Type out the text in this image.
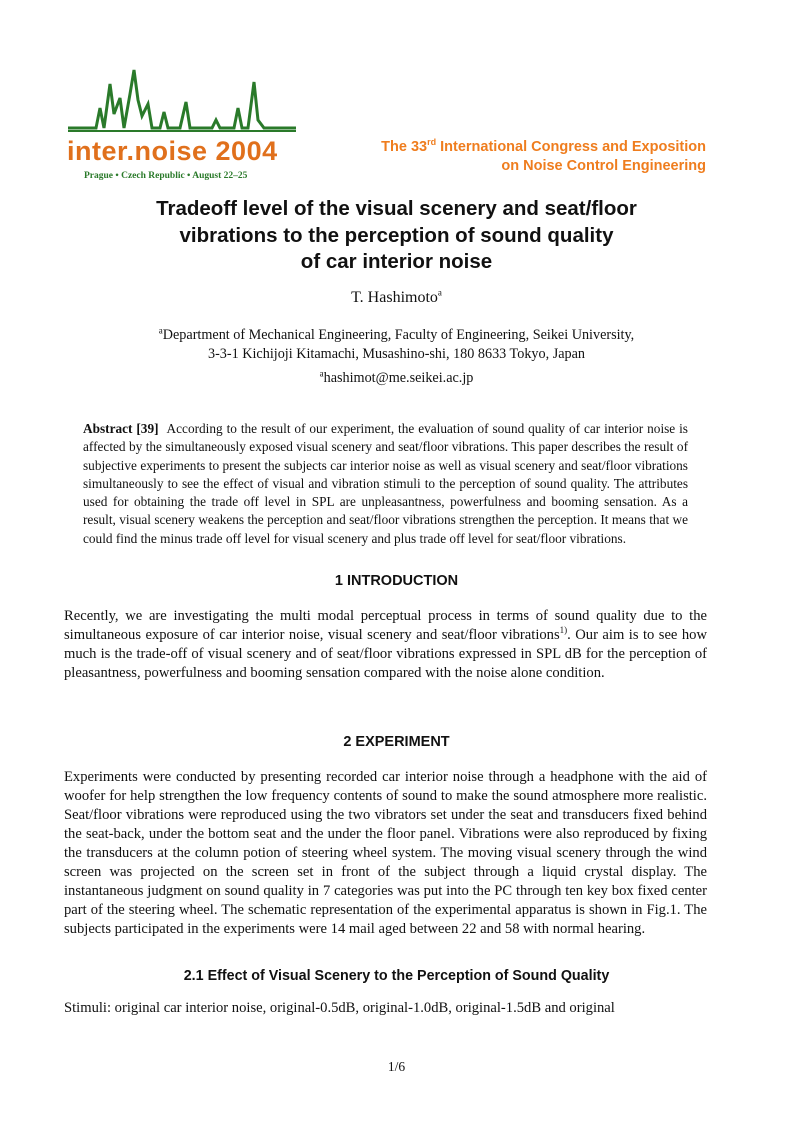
inter.noise 2004
Prague • Czech Republic • August 22–25
The 33rd International Congress and Exposition
on Noise Control Engineering
Tradeoff level of the visual scenery and seat/floor
vibrations to the perception of sound quality
of car interior noise
T. Hashimoto$^a$
$^a$Department of Mechanical Engineering, Faculty of Engineering, Seikei University,
3-3-1 Kichijoji Kitamachi, Musashino-shi, 180 8633 Tokyo, Japan
$^a$hashimot@me.seikei.ac.jp
Abstract [39] According to the result of our experiment, the evaluation of sound quality of car interior noise is affected by the simultaneously exposed visual scenery and seat/floor vibrations. This paper describes the result of subjective experiments to present the subjects car interior noise as well as visual scenery and seat/floor vibrations simultaneously to see the effect of visual and vibration stimuli to the perception of sound quality. The attributes used for obtaining the trade off level in SPL are unpleasantness, powerfulness and booming sensation. As a result, visual scenery weakens the perception and seat/floor vibrations strengthen the perception. It means that we could find the minus trade off level for visual scenery and plus trade off level for seat/floor vibrations.
1 INTRODUCTION
Recently, we are investigating the multi modal perceptual process in terms of sound quality due to the simultaneous exposure of car interior noise, visual scenery and seat/floor vibrations$^{1)}$. Our aim is to see how much is the trade-off of visual scenery and of seat/floor vibrations expressed in SPL dB for the perception of pleasantness, powerfulness and booming sensation compared with the noise alone condition.
2 EXPERIMENT
Experiments were conducted by presenting recorded car interior noise through a headphone with the aid of woofer for help strengthen the low frequency contents of sound to make the sound atmosphere more realistic. Seat/floor vibrations were reproduced using the two vibrators set under the seat and transducers fixed behind the seat-back, under the bottom seat and the under the floor panel. Vibrations were also reproduced by fixing the transducers at the column potion of steering wheel system. The moving visual scenery through the wind screen was projected on the screen set in front of the subject through a liquid crystal display. The instantaneous judgment on sound quality in 7 categories was put into the PC through ten key box fixed center part of the steering wheel. The schematic representation of the experimental apparatus is shown in Fig.1. The subjects participated in the experiments were 14 mail aged between 22 and 58 with normal hearing.
2.1 Effect of Visual Scenery to the Perception of Sound Quality
Stimuli: original car interior noise, original-0.5dB, original-1.0dB, original-1.5dB and original
1/6
